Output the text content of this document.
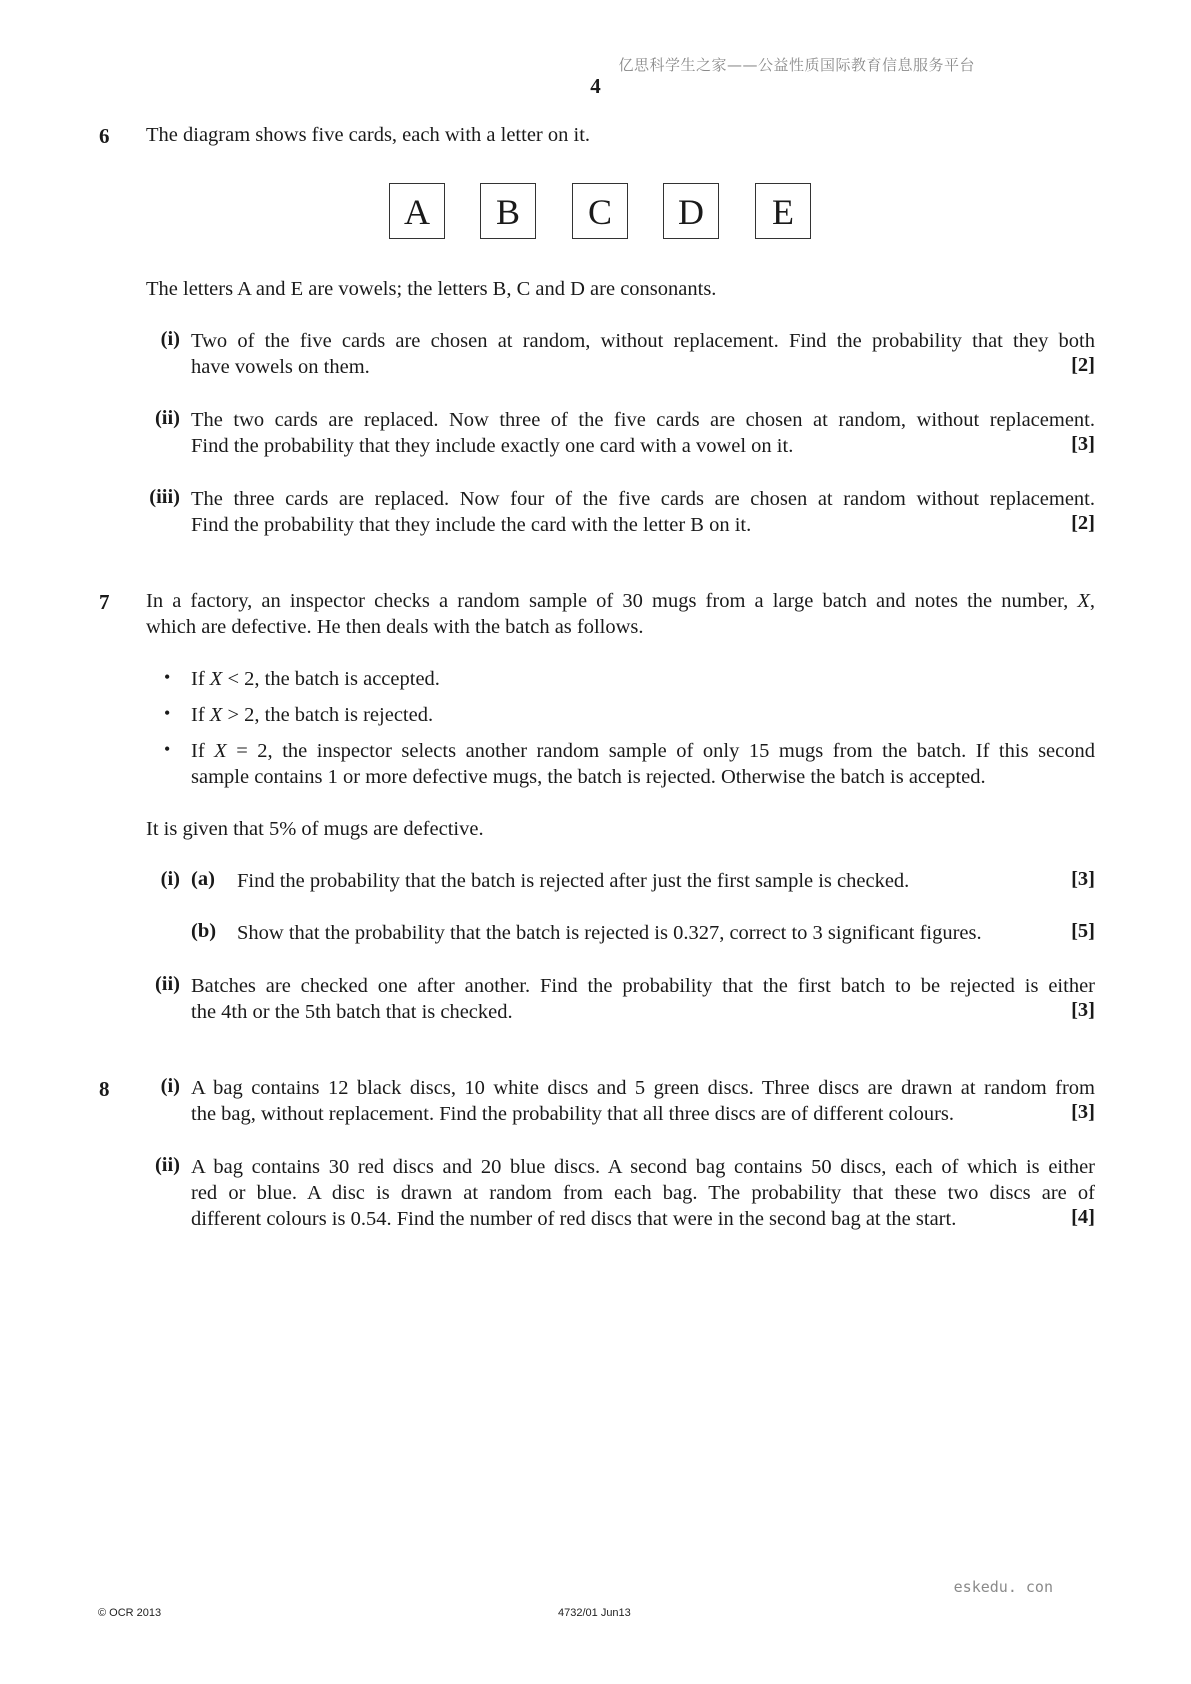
亿思科学生之家——公益性质国际教育信息服务平台
4
6 The diagram shows five cards, each with a letter on it.
A	B	C	D	E
The letters A and E are vowels; the letters B, C and D are consonants.
(i) Two of the five cards are chosen at random, without replacement. Find the probability that they both
have vowels on them.	[2]
(ii) The two cards are replaced. Now three of the five cards are chosen at random, without replacement.
Find the probability that they include exactly one card with a vowel on it.	[3]
(iii) The three cards are replaced. Now four of the five cards are chosen at random without replacement.
Find the probability that they include the card with the letter B on it.	[2]
7 In a factory, an inspector checks a random sample of 30 mugs from a large batch and notes the number, X,
which are defective. He then deals with the batch as follows.
• If X < 2, the batch is accepted.
• If X > 2, the batch is rejected.
• If X = 2, the inspector selects another random sample of only 15 mugs from the batch. If this second
sample contains 1 or more defective mugs, the batch is rejected. Otherwise the batch is accepted.
It is given that 5% of mugs are defective.
(i) (a) Find the probability that the batch is rejected after just the first sample is checked.	[3]
(b) Show that the probability that the batch is rejected is 0.327, correct to 3 significant figures.	[5]
(ii) Batches are checked one after another. Find the probability that the first batch to be rejected is either
the 4th or the 5th batch that is checked.	[3]
8	(i) A bag contains 12 black discs, 10 white discs and 5 green discs. Three discs are drawn at random from
the bag, without replacement. Find the probability that all three discs are of different colours.	[3]
(ii) A bag contains 30 red discs and 20 blue discs. A second bag contains 50 discs, each of which is either
red or blue. A disc is drawn at random from each bag. The probability that these two discs are of
different colours is 0.54. Find the number of red discs that were in the second bag at the start.	[4]
eskedu. con
© OCR 2013	4732/01 Jun13
